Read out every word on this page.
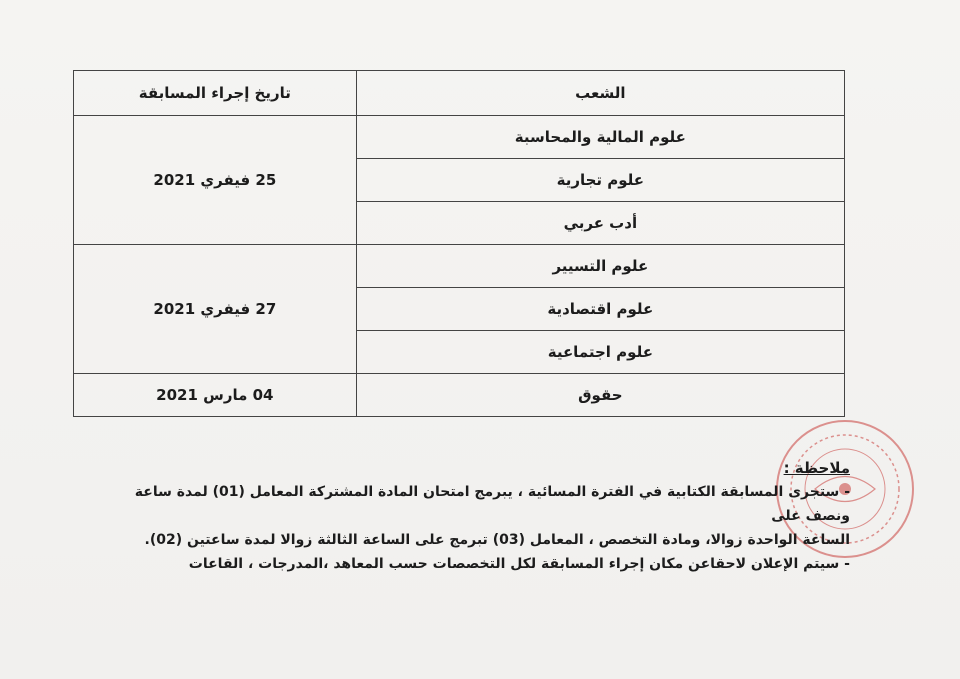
الشعب	تاريخ إجراء المسابقة
علوم المالية والمحاسبة	25 فيفري 2021
علوم تجارية	
أدب عربي	
علوم التسيير	27 فيفري 2021
علوم اقتصادية	
علوم اجتماعية	
حقوق	04 مارس 2021

ملاحظة :

- ستجرى المسابقة الكتابية في الفترة المسائية ، يبرمج امتحان المادة المشتركة المعامل (01) لمدة ساعة ونصف على

الساعة الواحدة زوالا، ومادة التخصص ، المعامل (03) تبرمج على الساعة الثالثة زوالا لمدة ساعتين (02).

- سيتم الإعلان لاحقاعن مكان إجراء المسابقة لكل التخصصات حسب المعاهد ،المدرجات ، القاعات
